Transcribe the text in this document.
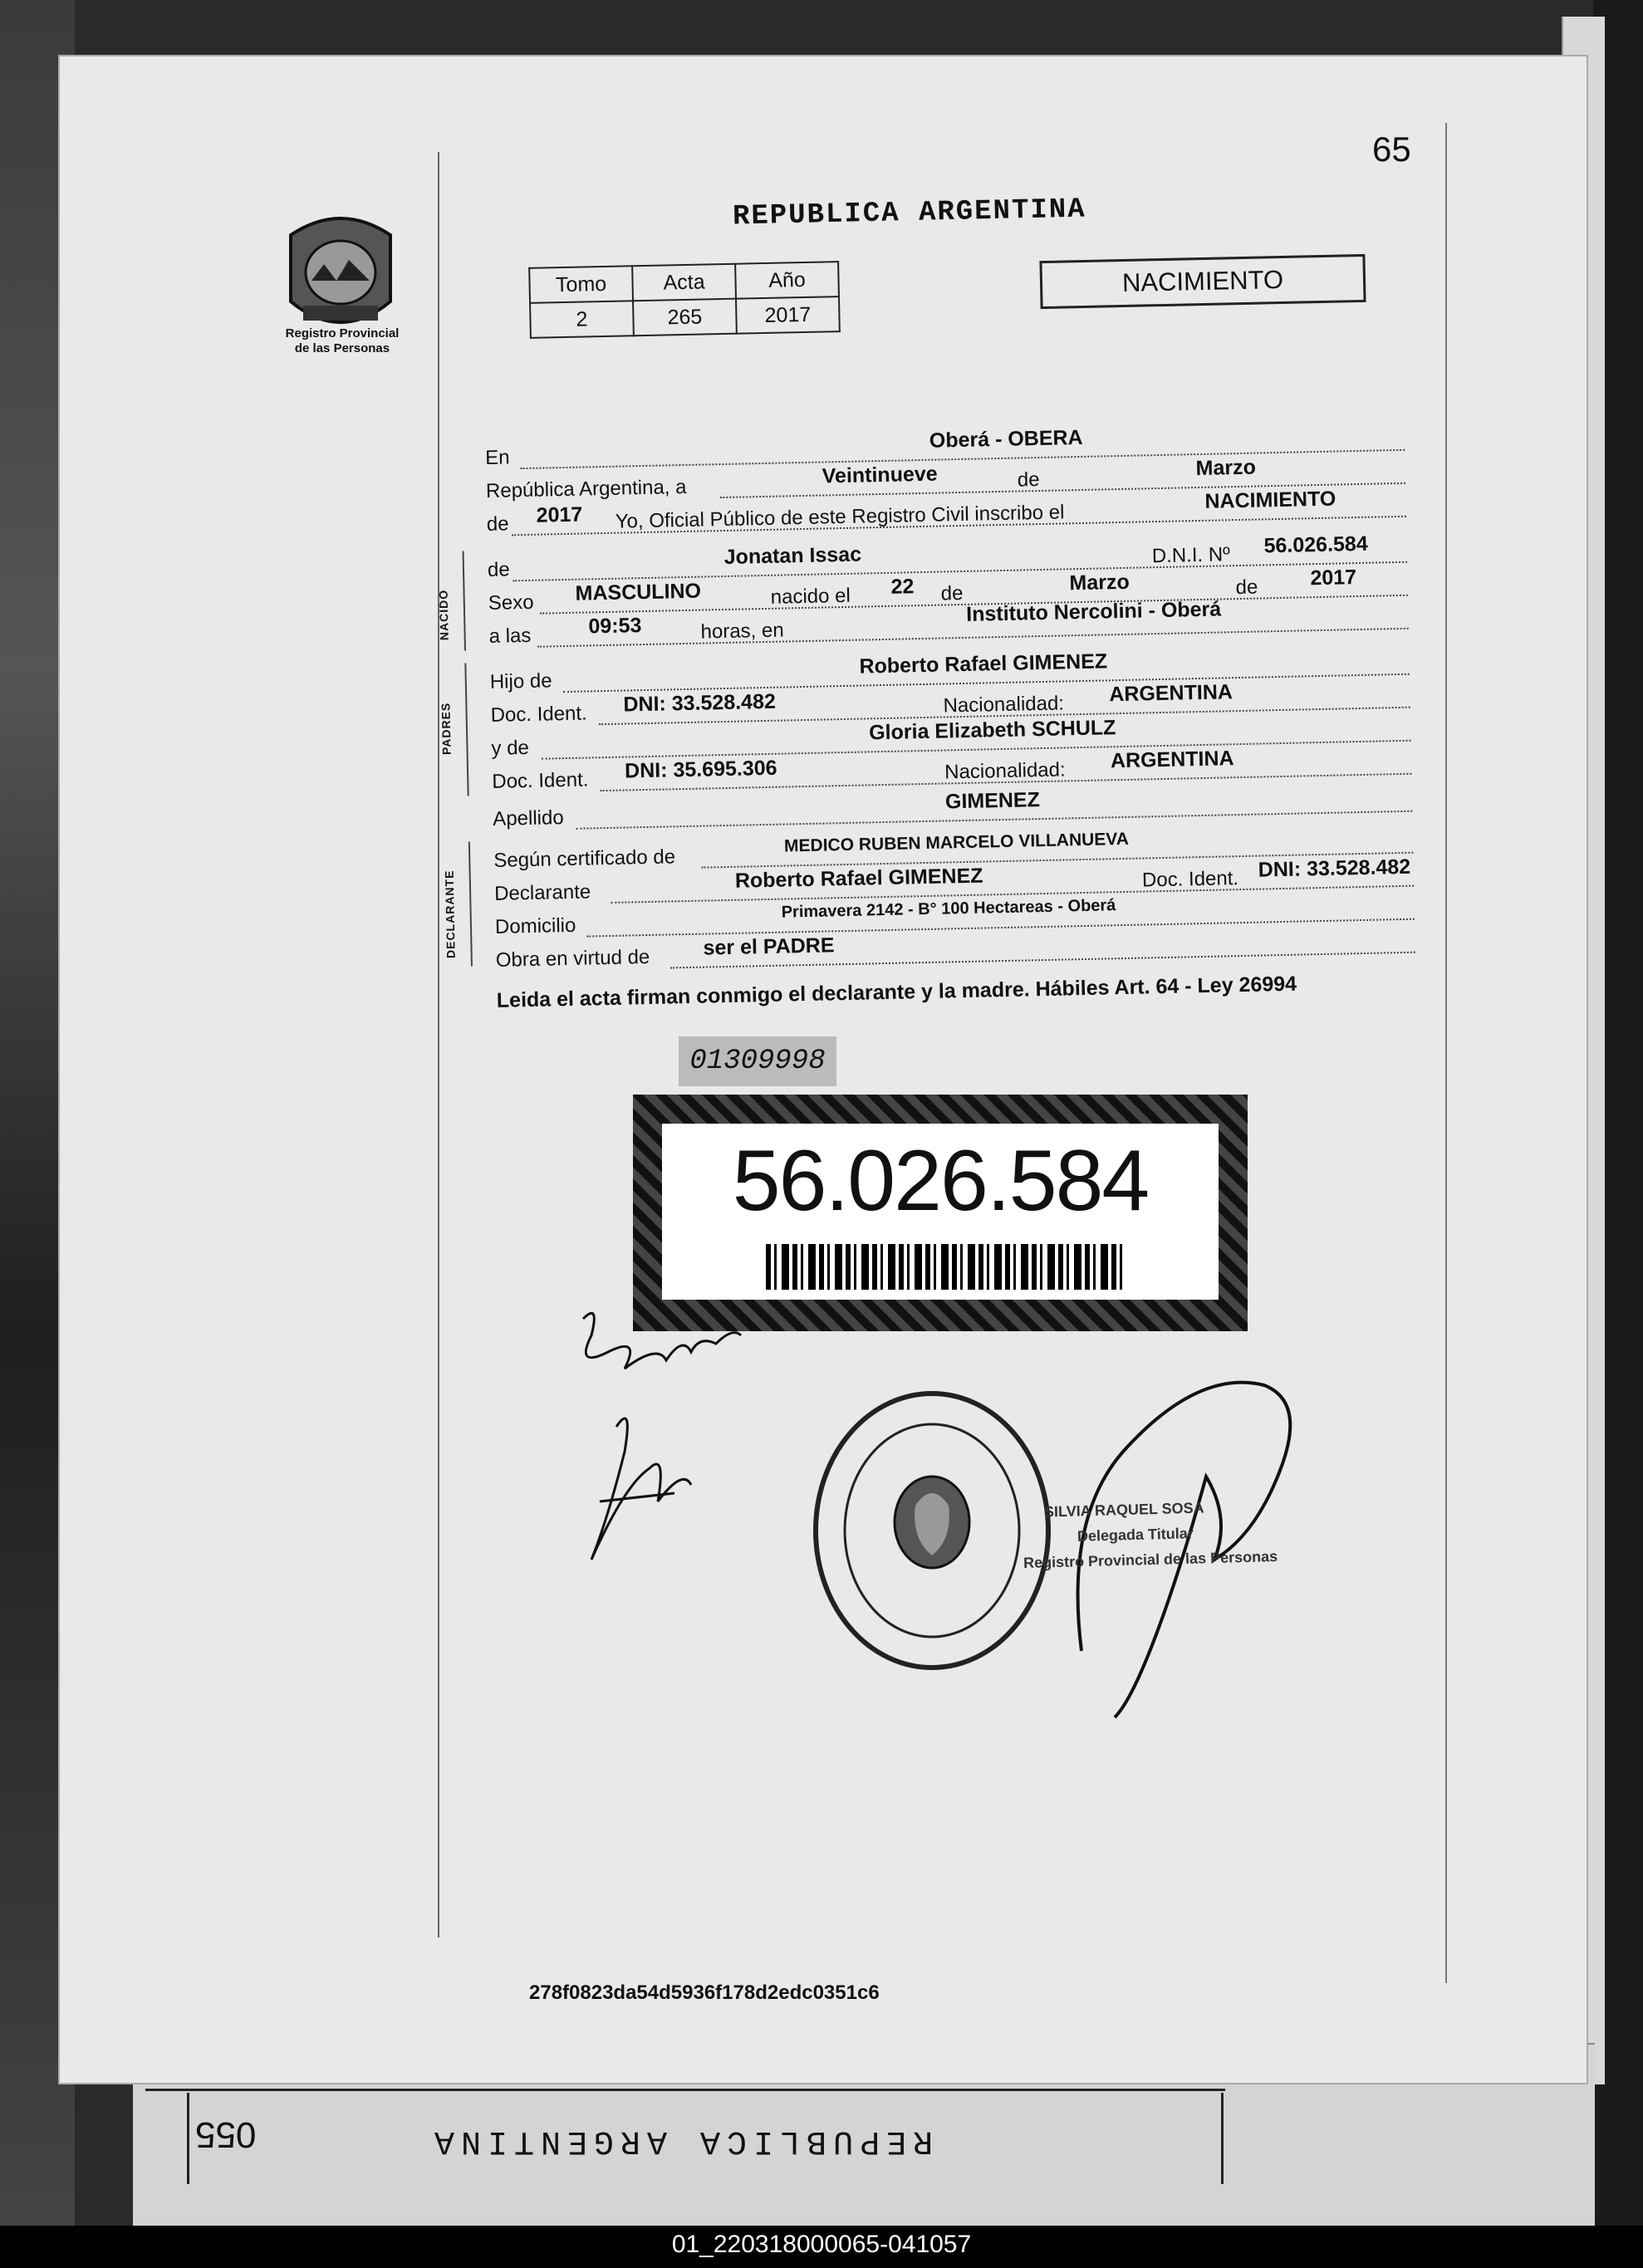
055	REPUBLICA ARGENTINA
65
Registro Provincial
de las Personas
REPUBLICA ARGENTINA
Tomo	Acta	Año
2	265	2017
NACIMIENTO
En
Oberá - OBERA
República Argentina, a
Veintinueve	de	Marzo
de 2017 Yo, Oficial Público de este Registro Civil inscribo el
NACIMIENTO
NACIDO
de
Jonatan Issac	D.N.I. Nº 56.026.584
Sexo MASCULINO	nacido el 22 de	Marzo	de	2017
a las	09:53	horas, en
Instituto Nercolini - Oberá
PADRES
Hijo de
Roberto Rafael GIMENEZ
Doc. Ident. DNI: 33.528.482	Nacionalidad: ARGENTINA
y de
Gloria Elizabeth SCHULZ
Doc. Ident. DNI: 35.695.306	Nacionalidad: ARGENTINA
Apellido
GIMENEZ
DECLARANTE
Según certificado de
MEDICO RUBEN MARCELO VILLANUEVA
Declarante
Roberto Rafael GIMENEZ	Doc. Ident. DNI: 33.528.482
Domicilio
Primavera 2142 - B° 100 Hectareas - Oberá
Obra en virtud de	ser el PADRE
Leida el acta firman conmigo el declarante y la madre. Hábiles Art. 64 - Ley 26994
01309998
56.026.584
SILVIA RAQUEL SOSA
Delegada Titular
Registro Provincial de las Personas
278f0823da54d5936f178d2edc0351c6
01_220318000065-041057
